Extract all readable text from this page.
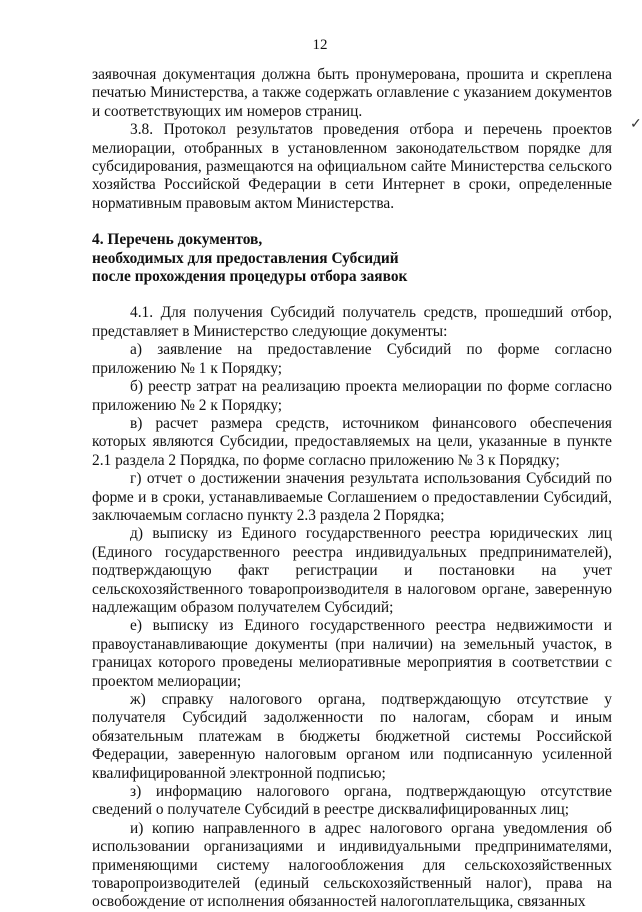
12
✓

заявочная документация должна быть пронумерована, прошита и скреплена печатью Министерства, а также содержать оглавление с указанием документов и соответствующих им номеров страниц.

3.8. Протокол результатов проведения отбора и перечень проектов мелиорации, отобранных в установленном законодательством порядке для субсидирования, размещаются на официальном сайте Министерства сельского хозяйства Российской Федерации в сети Интернет в сроки, определенные нормативным правовым актом Министерства.

4. Перечень документов,

необходимых для предоставления Субсидий

после прохождения процедуры отбора заявок

4.1. Для получения Субсидий получатель средств, прошедший отбор, представляет в Министерство следующие документы:

а) заявление на предоставление Субсидий по форме согласно приложению № 1 к Порядку;

б) реестр затрат на реализацию проекта мелиорации по форме согласно приложению № 2 к Порядку;

в) расчет размера средств, источником финансового обеспечения которых являются Субсидии, предоставляемых на цели, указанные в пункте 2.1 раздела 2 Порядка, по форме согласно приложению № 3 к Порядку;

г) отчет о достижении значения результата использования Субсидий по форме и в сроки, устанавливаемые Соглашением о предоставлении Субсидий, заключаемым согласно пункту 2.3 раздела 2 Порядка;

д) выписку из Единого государственного реестра юридических лиц (Единого государственного реестра индивидуальных предпринимателей), подтверждающую факт регистрации и постановки на учет сельскохозяйственного товаропроизводителя в налоговом органе, заверенную надлежащим образом получателем Субсидий;

е) выписку из Единого государственного реестра недвижимости и правоустанавливающие документы (при наличии) на земельный участок, в границах которого проведены мелиоративные мероприятия в соответствии с проектом мелиорации;

ж) справку налогового органа, подтверждающую отсутствие у получателя Субсидий задолженности по налогам, сборам и иным обязательным платежам в бюджеты бюджетной системы Российской Федерации, заверенную налоговым органом или подписанную усиленной квалифицированной электронной подписью;

з) информацию налогового органа, подтверждающую отсутствие сведений о получателе Субсидий в реестре дисквалифицированных лиц;

и) копию направленного в адрес налогового органа уведомления об использовании организациями и индивидуальными предпринимателями, применяющими систему налогообложения для сельскохозяйственных товаропроизводителей (единый сельскохозяйственный налог), права на освобождение от исполнения обязанностей налогоплательщика, связанных
